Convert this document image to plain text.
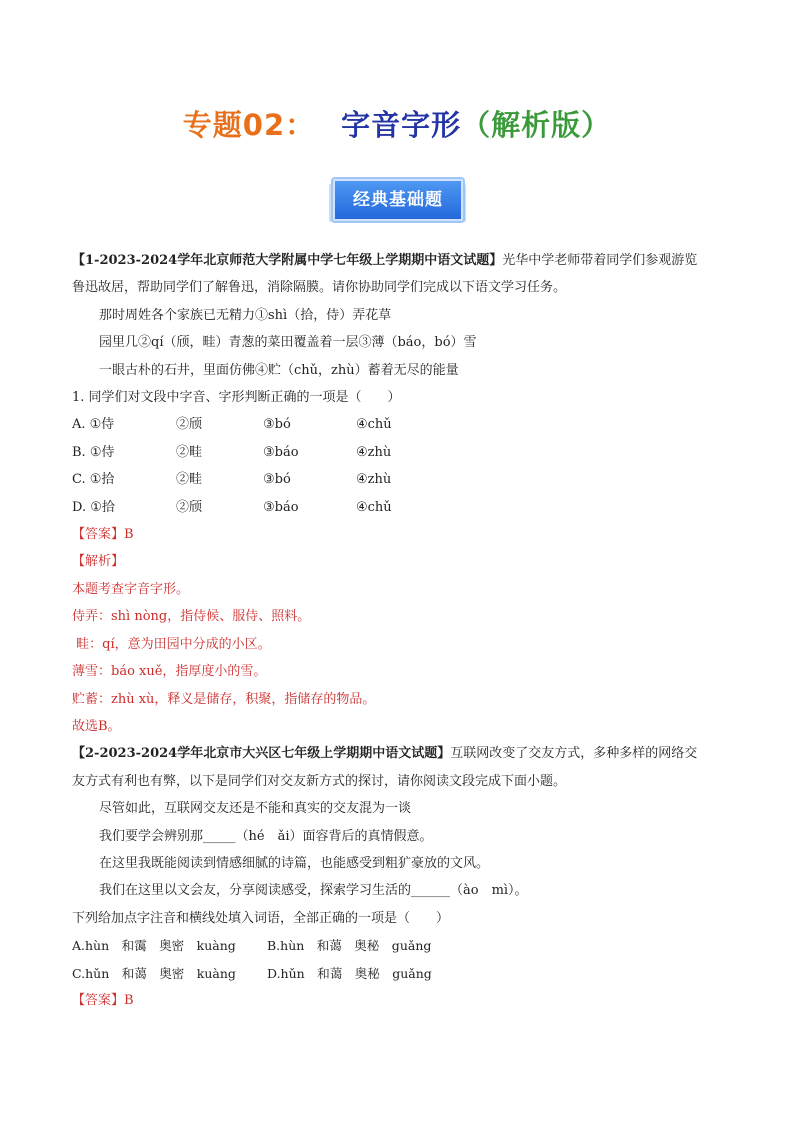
专题02： 字音字形（解析版）
经典基础题

【1-2023-2024学年北京师范大学附属中学七年级上学期期中语文试题】光华中学老师带着同学们参观游览

鲁迅故居，帮助同学们了解鲁迅，消除隔膜。请你协助同学们完成以下语文学习任务。

那时周姓各个家族已无精力①shì（拾，侍）弄花草

园里几②qí（颀，畦）青葱的菜田覆盖着一层③薄（báo，bó）雪

一眼古朴的石井，里面仿佛④贮（chǔ，zhù）蓄着无尽的能量

1. 同学们对文段中字音、字形判断正确的一项是（　　）

A. ①侍	②颀	③bó	④chǔ

B. ①侍	②畦	③báo	④zhù

C. ①拾	②畦	③bó	④zhù

D. ①拾	②颀	③báo	④chǔ

【答案】B

【解析】

本题考查字音字形。

侍弄：shì nòng，指侍候、服侍、照料。

畦：qí，意为田园中分成的小区。

薄雪：báo xuě，指厚度小的雪。

贮蓄：zhù xù，释义是储存，积聚，指储存的物品。

故选B。

【2-2023-2024学年北京市大兴区七年级上学期期中语文试题】互联网改变了交友方式，多种多样的网络交

友方式有利也有弊，以下是同学们对交友新方式的探讨，请你阅读文段完成下面小题。

尽管如此，互联网交友还是不能和真实的交友混为一谈

我们要学会辨别那_____（hé　ǎi）面容背后的真情假意。

在这里我既能阅读到情感细腻的诗篇，也能感受到粗犷豪放的文风。

我们在这里以文会友，分享阅读感受，探索学习生活的______（ào　mì）。

下列给加点字注音和横线处填入词语，全部正确的一项是（　　）

A.hùn　和霭　奥密　kuàng B.hùn　和蔼　奥秘　guǎng

C.hǔn　和蔼　奥密　kuàng D.hǔn　和蔼　奥秘　guǎng

【答案】B
